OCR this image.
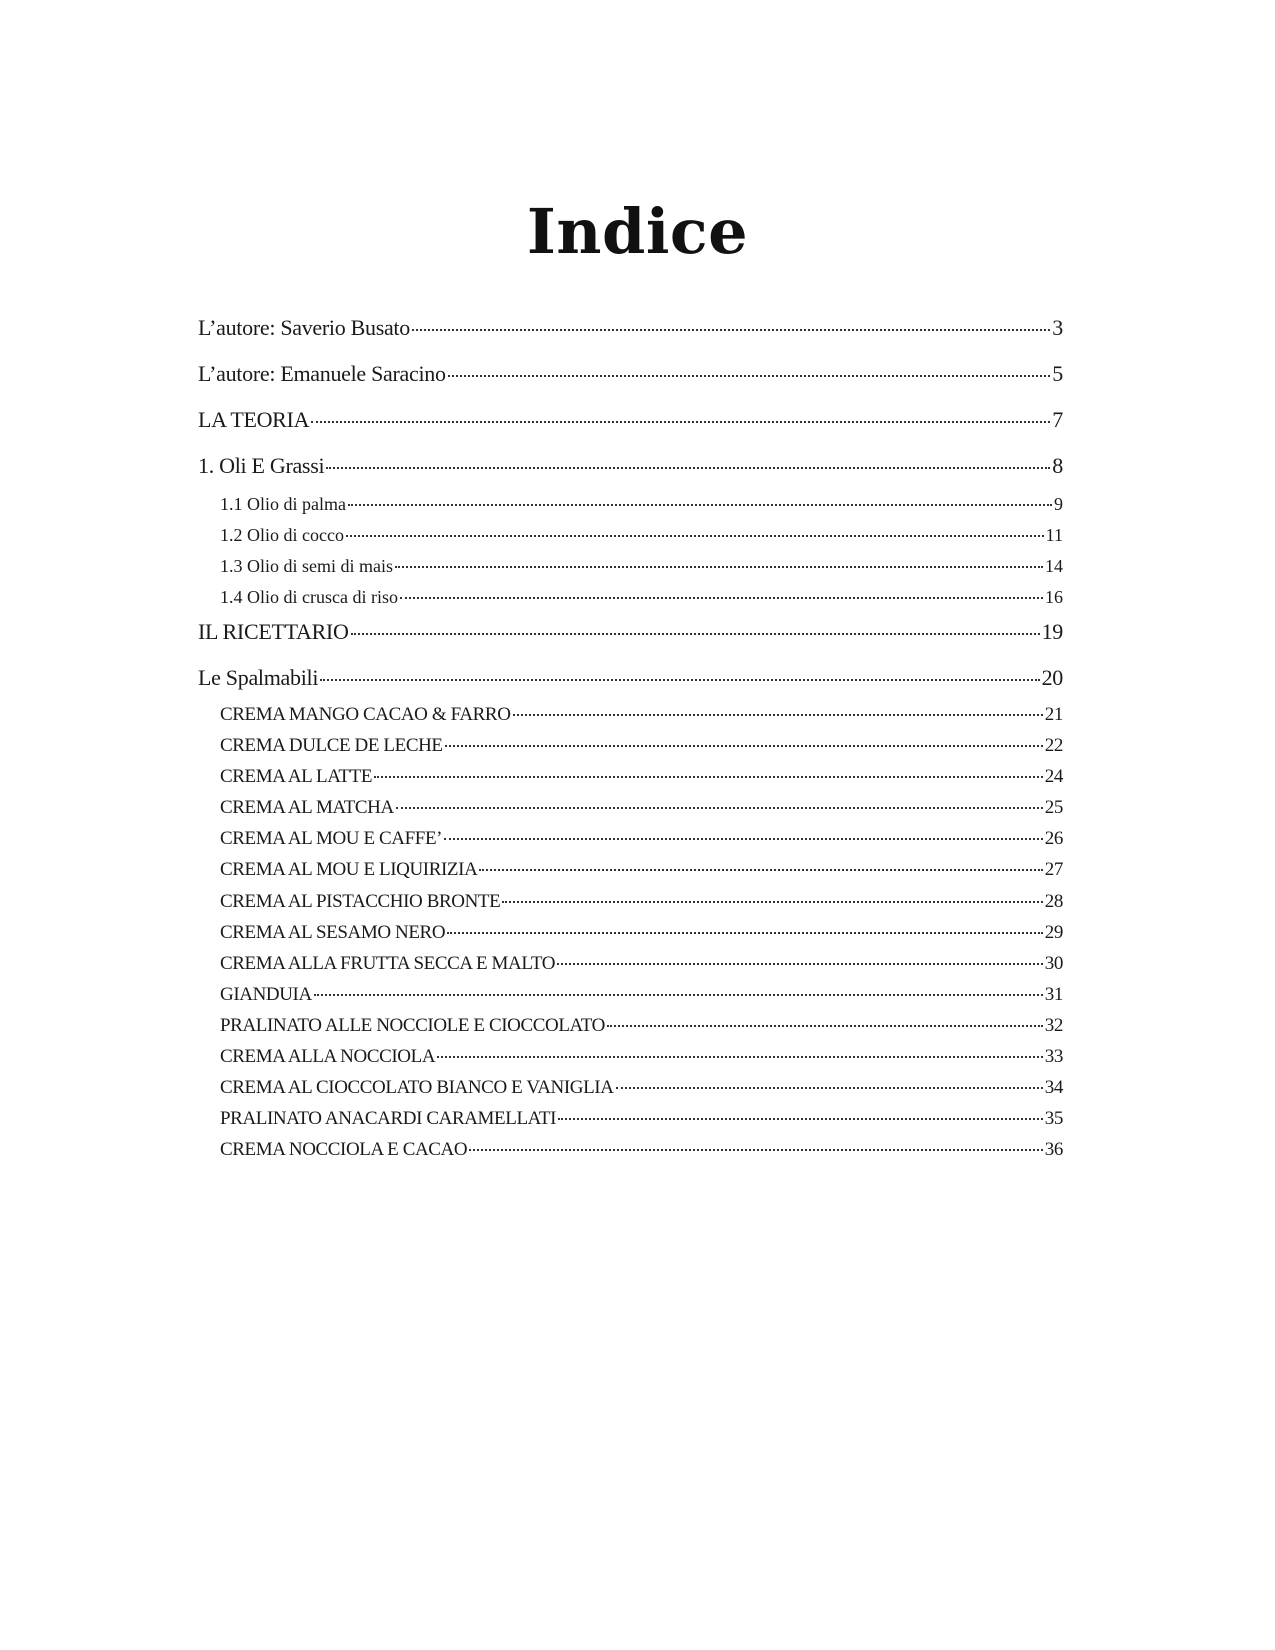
Indice
L’autore: Saverio Busato	3
L’autore: Emanuele Saracino	5
LA TEORIA	7
1. Oli E Grassi	8
1.1 Olio di palma	9
1.2 Olio di cocco	11
1.3 Olio di semi di mais	14
1.4 Olio di crusca di riso	16
IL RICETTARIO	19
Le Spalmabili	20
CREMA MANGO CACAO & FARRO	21
CREMA DULCE DE LECHE	22
CREMA AL LATTE	24
CREMA AL MATCHA	25
CREMA AL MOU E CAFFE’	26
CREMA AL MOU E LIQUIRIZIA	27
CREMA AL PISTACCHIO BRONTE	28
CREMA AL SESAMO NERO	29
CREMA ALLA FRUTTA SECCA E MALTO	30
GIANDUIA	31
PRALINATO ALLE NOCCIOLE E CIOCCOLATO	32
CREMA ALLA NOCCIOLA	33
CREMA AL CIOCCOLATO BIANCO E VANIGLIA	34
PRALINATO ANACARDI CARAMELLATI	35
CREMA NOCCIOLA E CACAO	36
